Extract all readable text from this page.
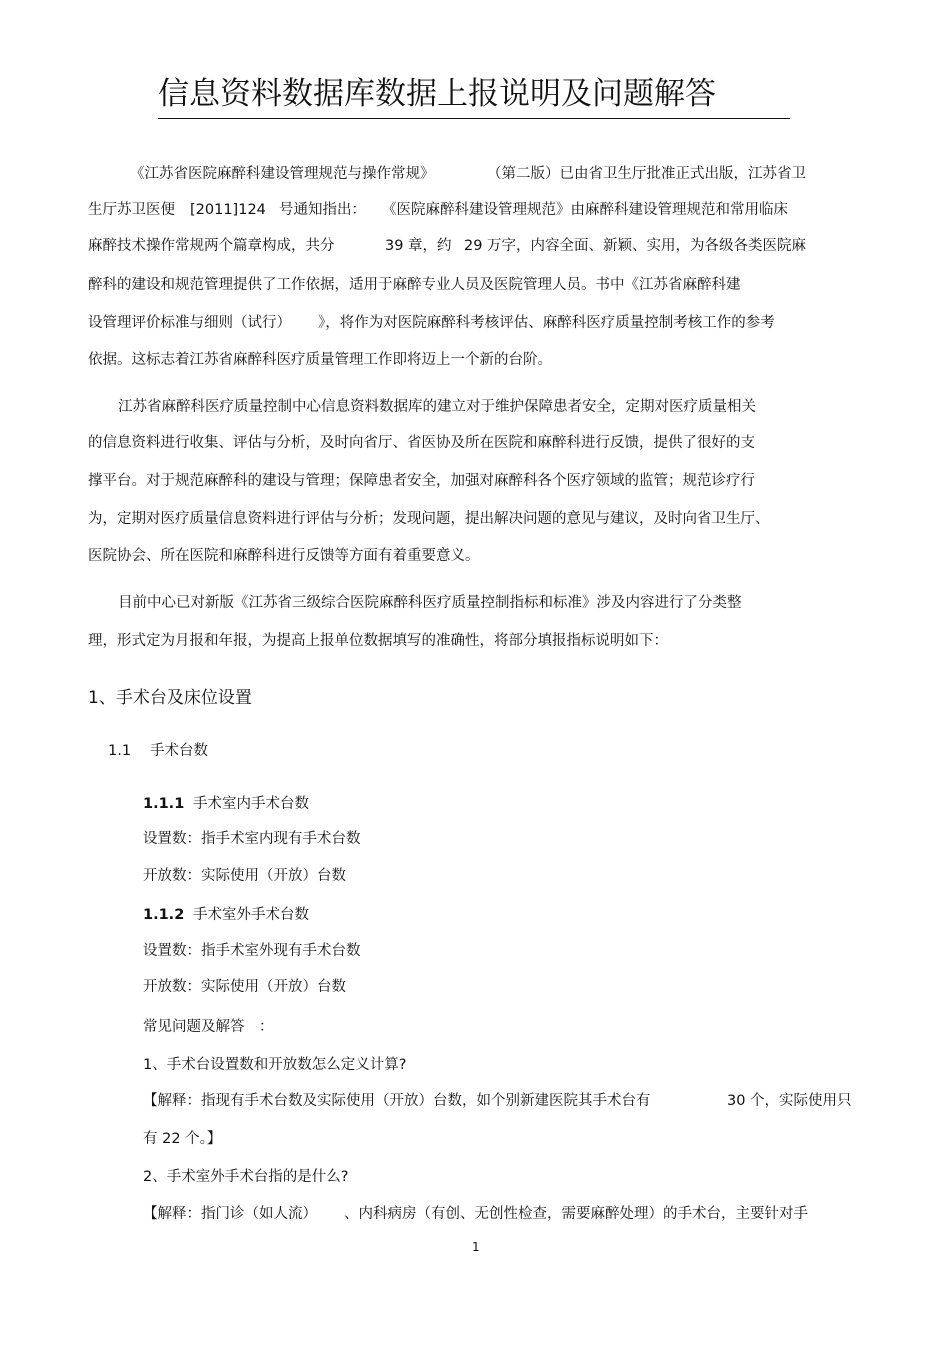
信息资料数据库数据上报说明及问题解答
《江苏省医院麻醉科建设管理规范与操作常规》	（第二版）已由省卫生厅批准正式出版，江苏省卫
生厅苏卫医便 [2011]124 号通知指出： 《医院麻醉科建设管理规范》由麻醉科建设管理规范和常用临床
麻醉技术操作常规两个篇章构成，共分	39 章，约 29 万字，内容全面、新颖、实用，为各级各类医院麻
醉科的建设和规范管理提供了工作依据，适用于麻醉专业人员及医院管理人员。书中《江苏省麻醉科建
设管理评价标准与细则（试行） 》，将作为对医院麻醉科考核评估、麻醉科医疗质量控制考核工作的参考
依据。这标志着江苏省麻醉科医疗质量管理工作即将迈上一个新的台阶。
江苏省麻醉科医疗质量控制中心信息资料数据库的建立对于维护保障患者安全，定期对医疗质量相关
的信息资料进行收集、评估与分析，及时向省厅、省医协及所在医院和麻醉科进行反馈，提供了很好的支
撑平台。对于规范麻醉科的建设与管理；保障患者安全，加强对麻醉科各个医疗领域的监管；规范诊疗行
为，定期对医疗质量信息资料进行评估与分析；发现问题，提出解决问题的意见与建议，及时向省卫生厅、
医院协会、所在医院和麻醉科进行反馈等方面有着重要意义。
目前中心已对新版《江苏省三级综合医院麻醉科医疗质量控制指标和标准》涉及内容进行了分类整
理，形式定为月报和年报，为提高上报单位数据填写的准确性，将部分填报指标说明如下：
1、手术台及床位设置
1.1 手术台数
1.1.1 手术室内手术台数
设置数：指手术室内现有手术台数
开放数：实际使用（开放）台数
1.1.2 手术室外手术台数
设置数：指手术室外现有手术台数
开放数：实际使用（开放）台数
常见问题及解答　：
1、手术台设置数和开放数怎么定义计算?
【解释：指现有手术台数及实际使用（开放）台数，如个别新建医院其手术台有	30 个，实际使用只
有 22 个。】
2、手术室外手术台指的是什么?
【解释：指门诊（如人流） 、内科病房（有创、无创性检查，需要麻醉处理）的手术台，主要针对手
1
